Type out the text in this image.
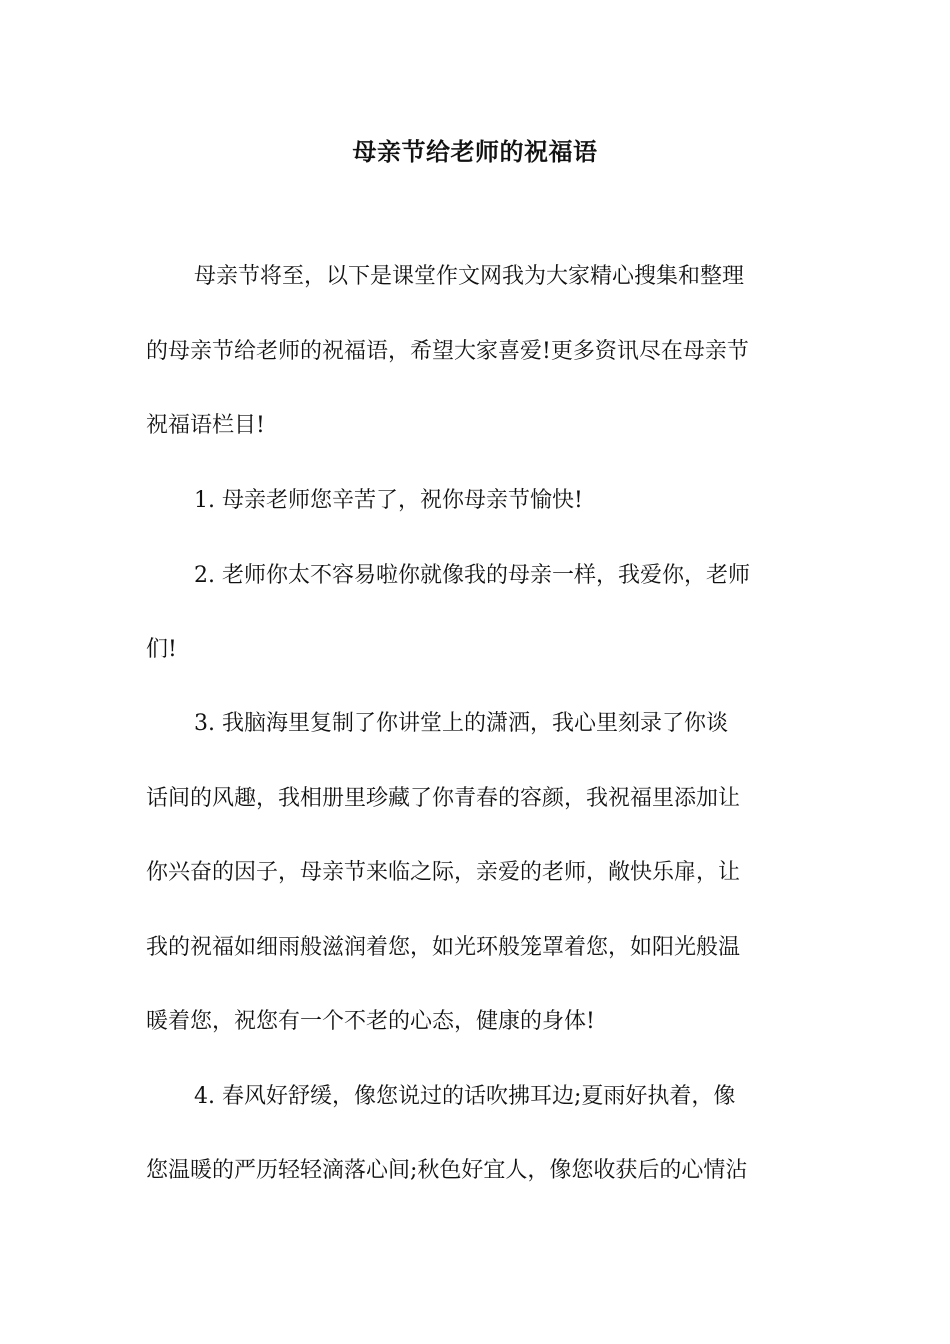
母亲节给老师的祝福语
母亲节将至，以下是课堂作文网我为大家精心搜集和整理
的母亲节给老师的祝福语，希望大家喜爱!更多资讯尽在母亲节
祝福语栏目!
1. 母亲老师您辛苦了，祝你母亲节愉快!
2. 老师你太不容易啦你就像我的母亲一样，我爱你，老师
们!
3. 我脑海里复制了你讲堂上的潇洒，我心里刻录了你谈
话间的风趣，我相册里珍藏了你青春的容颜，我祝福里添加让
你兴奋的因子，母亲节来临之际，亲爱的老师，敞快乐扉，让
我的祝福如细雨般滋润着您，如光环般笼罩着您，如阳光般温
暖着您，祝您有一个不老的心态，健康的身体!
4. 春风好舒缓，像您说过的话吹拂耳边;夏雨好执着，像
您温暖的严历轻轻滴落心间;秋色好宜人，像您收获后的心情沾
